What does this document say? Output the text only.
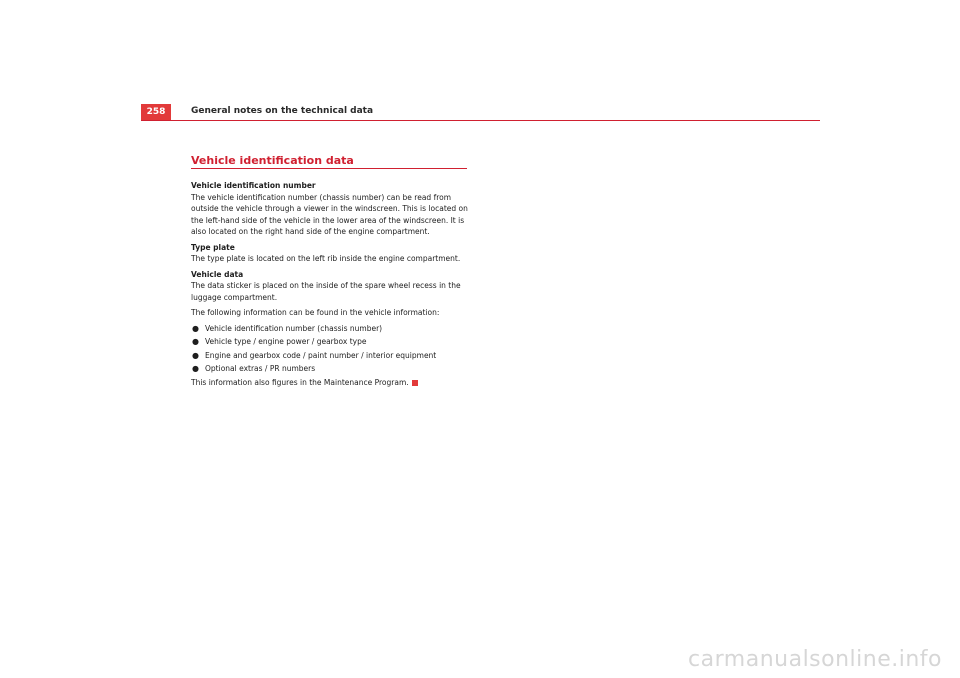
258	General notes on the technical data
Vehicle identification data

Vehicle identification number
The vehicle identification number (chassis number) can be read from outside the vehicle through a viewer in the windscreen. This is located on the left-hand side of the vehicle in the lower area of the windscreen. It is also located on the right hand side of the engine compartment.

Type plate
The type plate is located on the left rib inside the engine compartment.

Vehicle data
The data sticker is placed on the inside of the spare wheel recess in the luggage compartment.

The following information can be found in the vehicle information:

● Vehicle identification number (chassis number)
● Vehicle type / engine power / gearbox type
● Engine and gearbox code / paint number / interior equipment
● Optional extras / PR numbers

This information also figures in the Maintenance Program.

carmanualsonline.info
